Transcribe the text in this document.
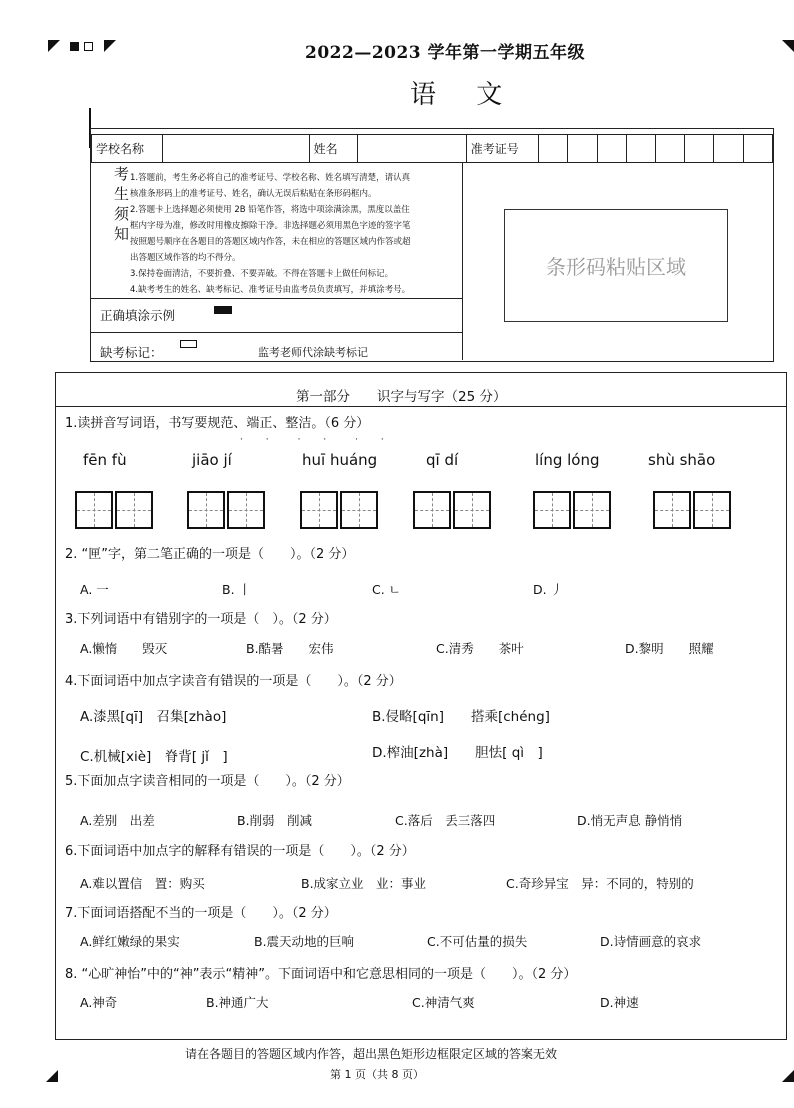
2022—2023 学年第一学期五年级
语 文
学校名称		姓名		准考证号								
考生须知
1.答题前，考生务必将自己的准考证号、学校名称、姓名填写清楚，请认真
核准条形码上的准考证号、姓名，确认无误后粘贴在条形码框内。
2.答题卡上选择题必须使用 2B 铅笔作答，将选中项涂满涂黑，黑度以盖住
框内字母为准，修改时用橡皮擦除干净。非选择题必须用黑色字迹的签字笔
按照题号顺序在各题目的答题区域内作答，未在相应的答题区域内作答或超
出答题区域作答的均不得分。
3.保持卷面清洁，不要折叠、不要弄破。不得在答题卡上做任何标记。
4.缺考考生的姓名、缺考标记、准考证号由监考员负责填写，并填涂考号。
正确填涂示例
缺考标记：	监考老师代涂缺考标记
条形码粘贴区域
第一部分　　识字与写字（25 分）
1.读拼音写词语，书写要规范、端正、整洁。（6 分）
· ·　· ·　· ·
fēn fù	jiāo jí	huī huáng	qī dí	líng lóng	shù shāo
2. “匣”字，第二笔正确的一项是（　　）。（2 分）
A. 一	B. 丨	C. ㄴ	D. 丿
3.下列词语中有错别字的一项是（　）。（2 分）
A.懒惰　　毁灭	B.酷暑　　宏伟	C.清秀　　茶叶	D.黎明　　照耀
4.下面词语中加点字读音有错误的一项是（　　）。（2 分）
A.漆黑[qī]　召集[zhào]	B.侵略[qīn]　　搭乘[chéng]
C.机械[xiè]　脊背[ jǐ　]	D.榨油[zhà]　　胆怯[ qì　]
5.下面加点字读音相同的一项是（　　）。（2 分）
A.差别　出差	B.削弱　削减	C.落后　丢三落四	D.悄无声息 静悄悄
6.下面词语中加点字的解释有错误的一项是（　　）。（2 分）
A.难以置信　置：购买	B.成家立业　业：事业	C.奇珍异宝　异：不同的，特别的
7.下面词语搭配不当的一项是（　　）。（2 分）
A.鲜红嫩绿的果实	B.震天动地的巨响	C.不可估量的损失	D.诗情画意的哀求
8. “心旷神怡”中的“神”表示“精神”。下面词语中和它意思相同的一项是（　　）。（2 分）
A.神奇	B.神通广大	C.神清气爽	D.神速
请在各题目的答题区域内作答，超出黑色矩形边框限定区域的答案无效
第 1 页（共 8 页）
